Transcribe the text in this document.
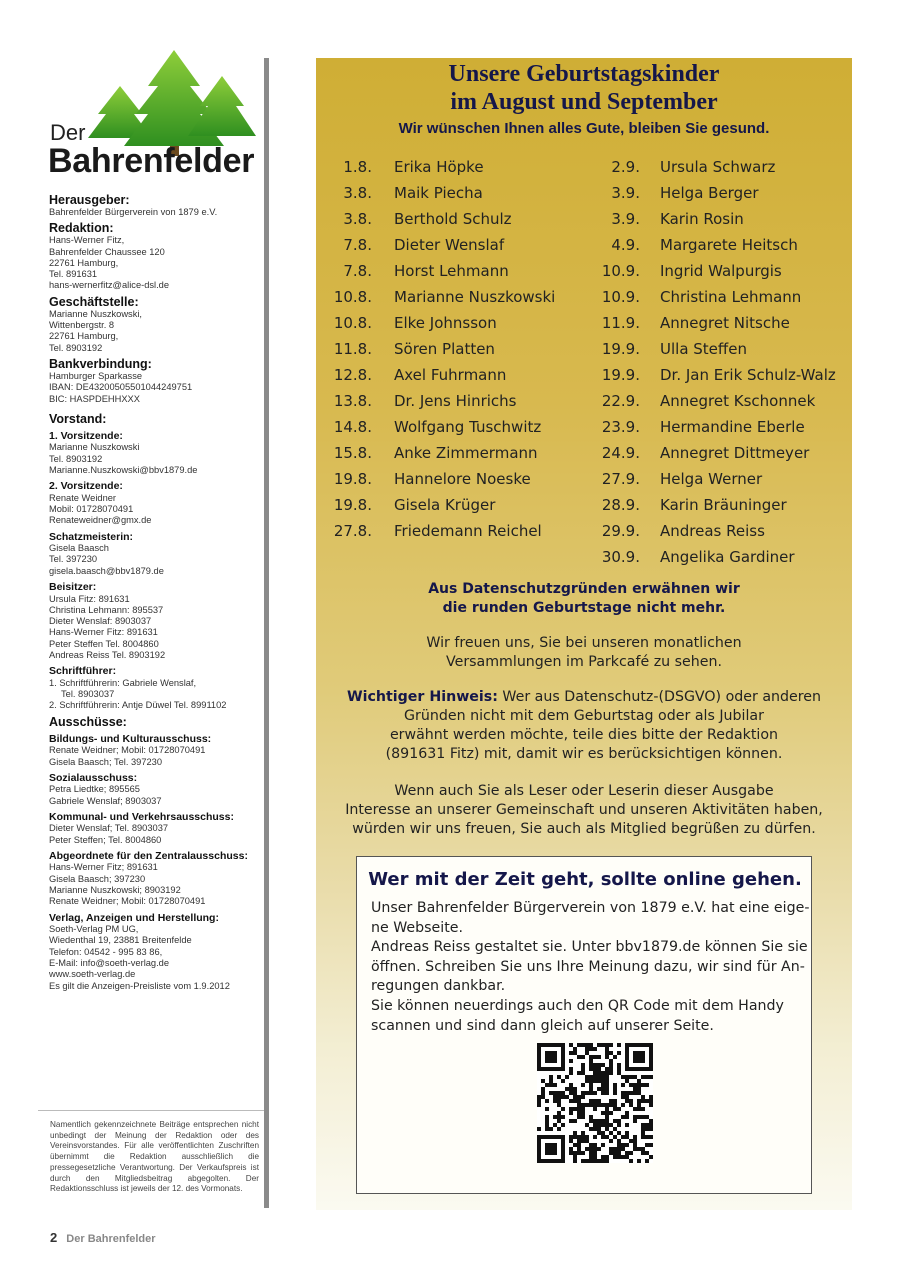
Der
Bahrenfelder
Herausgeber:
Bahrenfelder Bürgerverein von 1879 e.V.
Redaktion:
Hans-Werner Fitz,
Bahrenfelder Chaussee 120
22761 Hamburg,
Tel. 891631
hans-wernerfitz@alice-dsl.de
Geschäftstelle:
Marianne Nuszkowski,
Wittenbergstr. 8
22761 Hamburg,
Tel. 8903192
Bankverbindung:
Hamburger Sparkasse
IBAN: DE43200505501044249751
BIC: HASPDEHHXXX
Vorstand:
1. Vorsitzende:
Marianne Nuszkowski
Tel. 8903192
Marianne.Nuszkowski@bbv1879.de
2. Vorsitzende:
Renate Weidner
Mobil: 01728070491
Renateweidner@gmx.de
Schatzmeisterin:
Gisela Baasch
Tel. 397230
gisela.baasch@bbv1879.de
Beisitzer:
Ursula Fitz: 891631
Christina Lehmann: 895537
Dieter Wenslaf: 8903037
Hans-Werner Fitz: 891631
Peter Steffen Tel. 8004860
Andreas Reiss Tel. 8903192
Schriftführer:
1. Schriftführerin: Gabriele Wenslaf,
Tel. 8903037
2. Schriftführerin: Antje Düwel Tel. 8991102
Ausschüsse:
Bildungs- und Kulturausschuss:
Renate Weidner; Mobil: 01728070491
Gisela Baasch; Tel. 397230
Sozialausschuss:
Petra Liedtke; 895565
Gabriele Wenslaf; 8903037
Kommunal- und Verkehrsausschuss:
Dieter Wenslaf; Tel. 8903037
Peter Steffen; Tel. 8004860
Abgeordnete für den Zentralausschuss:
Hans-Werner Fitz; 891631
Gisela Baasch; 397230
Marianne Nuszkowski; 8903192
Renate Weidner; Mobil: 01728070491
Verlag, Anzeigen und Herstellung:
Soeth-Verlag PM UG,
Wiedenthal 19, 23881 Breitenfelde
Telefon: 04542 - 995 83 86,
E-Mail: info@soeth-verlag.de
www.soeth-verlag.de
Es gilt die Anzeigen-Preisliste vom 1.9.2012
Namentlich gekennzeichnete Beiträge entsprechen nicht unbedingt der Meinung der Redaktion oder des Vereinsvorstandes. Für alle veröffentlichten Zuschriften übernimmt die Redaktion ausschließlich die pressegesetzliche Verantwortung. Der Verkaufspreis ist durch den Mitgliedsbeitrag abgegolten. Der Redaktionsschluss ist jeweils der 12. des Vormonats.
2 Der Bahrenfelder
Unsere Geburtstagskinder
im August und September
Wir wünschen Ihnen alles Gute, bleiben Sie gesund.
1.8. Erika Höpke
3.8. Maik Piecha
3.8. Berthold Schulz
7.8. Dieter Wenslaf
7.8. Horst Lehmann
10.8. Marianne Nuszkowski
10.8. Elke Johnsson
11.8. Sören Platten
12.8. Axel Fuhrmann
13.8. Dr. Jens Hinrichs
14.8. Wolfgang Tuschwitz
15.8. Anke Zimmermann
19.8. Hannelore Noeske
19.8. Gisela Krüger
27.8. Friedemann Reichel
2.9. Ursula Schwarz
3.9. Helga Berger
3.9. Karin Rosin
4.9. Margarete Heitsch
10.9. Ingrid Walpurgis
10.9. Christina Lehmann
11.9. Annegret Nitsche
19.9. Ulla Steffen
19.9. Dr. Jan Erik Schulz-Walz
22.9. Annegret Kschonnek
23.9. Hermandine Eberle
24.9. Annegret Dittmeyer
27.9. Helga Werner
28.9. Karin Bräuninger
29.9. Andreas Reiss
30.9. Angelika Gardiner
Aus Datenschutzgründen erwähnen wir
die runden Geburtstage nicht mehr.
Wir freuen uns, Sie bei unseren monatlichen
Versammlungen im Parkcafé zu sehen.
Wichtiger Hinweis: Wer aus Datenschutz-(DSGVO) oder anderen
Gründen nicht mit dem Geburtstag oder als Jubilar
erwähnt werden möchte, teile dies bitte der Redaktion
(891631 Fitz) mit, damit wir es berücksichtigen können.
Wenn auch Sie als Leser oder Leserin dieser Ausgabe
Interesse an unserer Gemeinschaft und unseren Aktivitäten haben,
würden wir uns freuen, Sie auch als Mitglied begrüßen zu dürfen.
Wer mit der Zeit geht, sollte online gehen.
Unser Bahrenfelder Bürgerverein von 1879 e.V. hat eine eige-
ne Webseite.
Andreas Reiss gestaltet sie. Unter bbv1879.de können Sie sie
öffnen. Schreiben Sie uns Ihre Meinung dazu, wir sind für An-
regungen dankbar.
Sie können neuerdings auch den QR Code mit dem Handy
scannen und sind dann gleich auf unserer Seite.
